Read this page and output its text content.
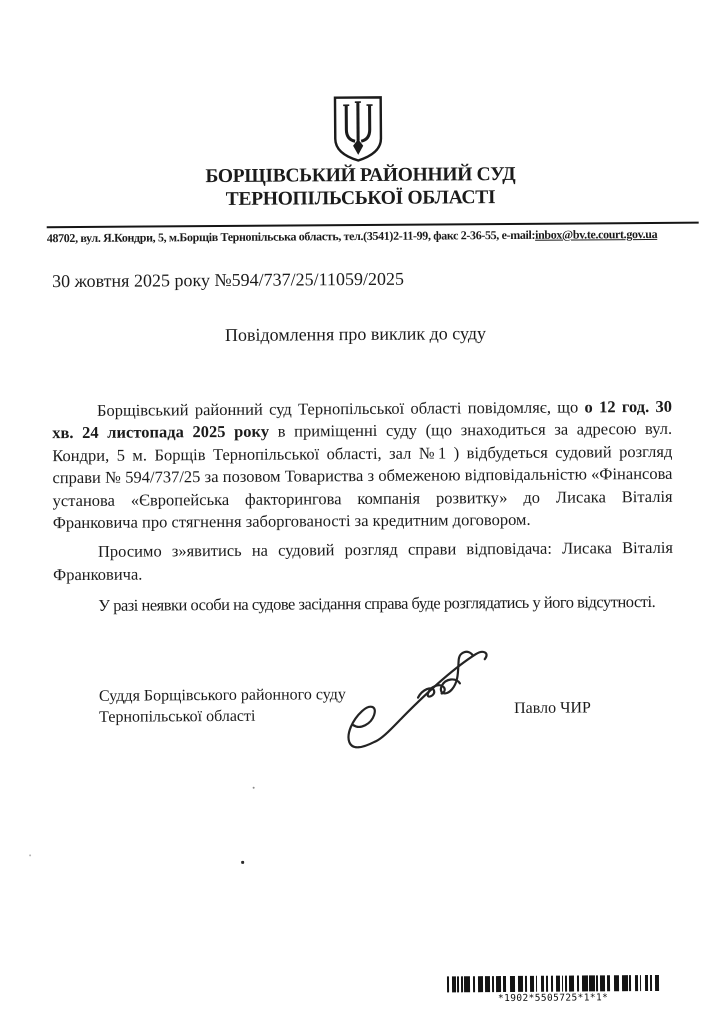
БОРЩІВСЬКИЙ РАЙОННИЙ СУД
ТЕРНОПІЛЬСЬКОЇ ОБЛАСТІ
48702, вул. Я.Кондри, 5, м.Борщів Тернопільська область, тел.(3541)2-11-99, факс 2-36-55, e-mail:inbox@bv.te.court.gov.ua
30 жовтня 2025 року №594/737/25/11059/2025
Повідомлення про виклик до суду

Борщівський районний суд Тернопільської області повідомляє, що о 12 год. 30 хв. 24 листопада 2025 року в приміщенні суду (що знаходиться за адресою вул. Кондри, 5 м. Борщів Тернопільської області, зал №1 ) відбудеться судовий розгляд справи № 594/737/25 за позовом Товариства з обмеженою відповідальністю «Фінансова установа «Європейська факторингова компанія розвитку» до Лисака Віталія Франковича про стягнення заборгованості за кредитним договором.

Просимо з»явитись на судовий розгляд справи відповідача: Лисака Віталія Франковича.

У разі неявки особи на судове засідання справа буде розглядатись у його відсутності.

Суддя Борщівського районного суду
Тернопільської області	Павло ЧИР
*1902*5505725*1*1*
